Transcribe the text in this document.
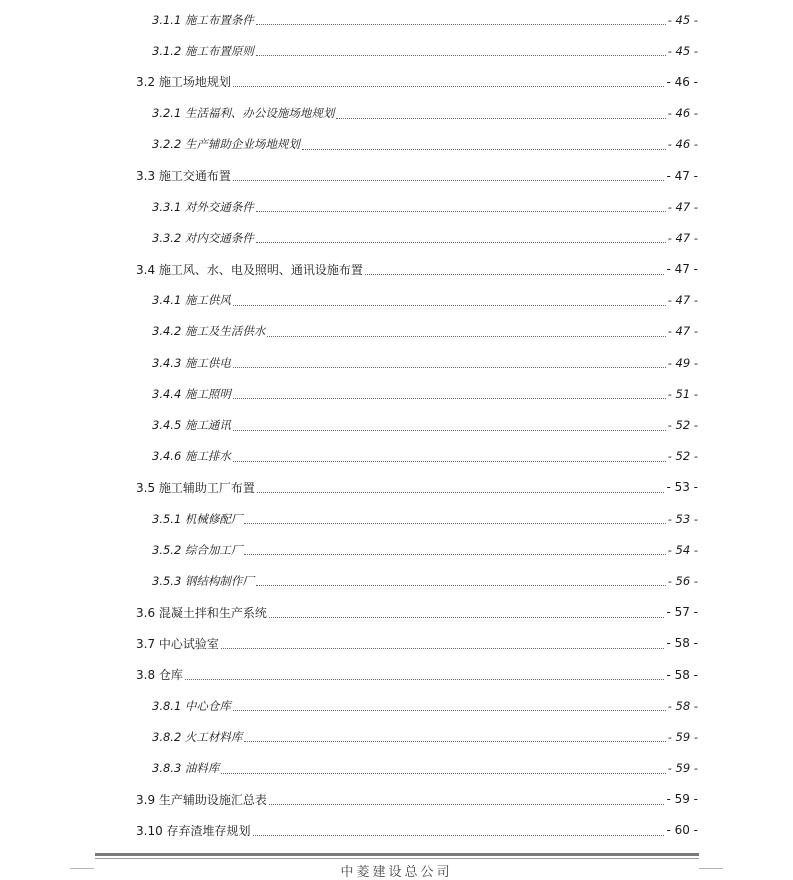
3.1.1 施工布置条件	- 45 -
3.1.2 施工布置原则	- 45 -
3.2 施工场地规划	- 46 -
3.2.1 生活福利、办公设施场地规划	- 46 -
3.2.2 生产辅助企业场地规划	- 46 -
3.3 施工交通布置	- 47 -
3.3.1 对外交通条件	- 47 -
3.3.2 对内交通条件	- 47 -
3.4 施工风、水、电及照明、通讯设施布置	- 47 -
3.4.1 施工供风	- 47 -
3.4.2 施工及生活供水	- 47 -
3.4.3 施工供电	- 49 -
3.4.4 施工照明	- 51 -
3.4.5 施工通讯	- 52 -
3.4.6 施工排水	- 52 -
3.5 施工辅助工厂布置	- 53 -
3.5.1 机械修配厂	- 53 -
3.5.2 综合加工厂	- 54 -
3.5.3 钢结构制作厂	- 56 -
3.6 混凝土拌和生产系统	- 57 -
3.7 中心试验室	- 58 -
3.8 仓库	- 58 -
3.8.1 中心仓库	- 58 -
3.8.2 火工材料库	- 59 -
3.8.3 油料库	- 59 -
3.9 生产辅助设施汇总表	- 59 -
3.10 存弃渣堆存规划	- 60 -
中菱建设总公司
